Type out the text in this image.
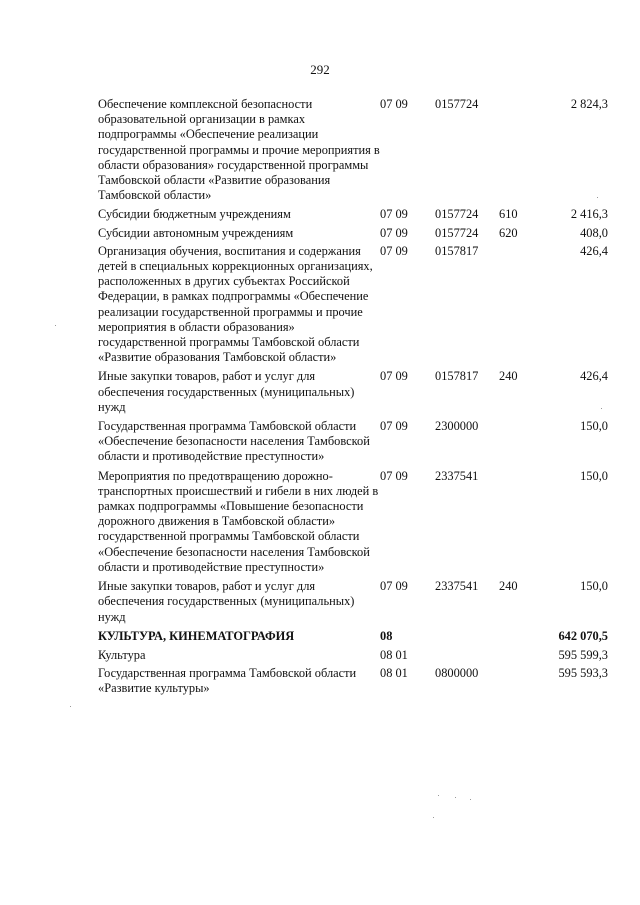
292
Обеспечение комплексной безопасности образовательной организации в рамках подпрограммы «Обеспечение реализации государственной программы и прочие мероприятия в области образования» государственной программы Тамбовской области «Развитие образования Тамбовской области»	07 09	0157724		2 824,3
Субсидии бюджетным учреждениям	07 09	0157724	610	2 416,3
Субсидии автономным учреждениям	07 09	0157724	620	408,0
Организация обучения, воспитания и содержания детей в специальных коррекционных организациях, расположенных в других субъектах Российской Федерации, в рамках подпрограммы «Обеспечение реализации государственной программы и прочие мероприятия в области образования» государственной программы Тамбовской области «Развитие образования Тамбовской области»	07 09	0157817		426,4
Иные закупки товаров, работ и услуг для обеспечения государственных (муниципальных) нужд	07 09	0157817	240	426,4
Государственная программа Тамбовской области «Обеспечение безопасности населения Тамбовской области и противодействие преступности»	07 09	2300000		150,0
Мероприятия по предотвращению дорожно-транспортных происшествий и гибели в них людей в рамках подпрограммы «Повышение безопасности дорожного движения в Тамбовской области» государственной программы Тамбовской области «Обеспечение безопасности населения Тамбовской области и противодействие преступности»	07 09	2337541		150,0
Иные закупки товаров, работ и услуг для обеспечения государственных (муниципальных) нужд	07 09	2337541	240	150,0
КУЛЬТУРА, КИНЕМАТОГРАФИЯ	08			642 070,5
Культура	08 01			595 599,3
Государственная программа Тамбовской области «Развитие культуры»	08 01	0800000		595 593,3
